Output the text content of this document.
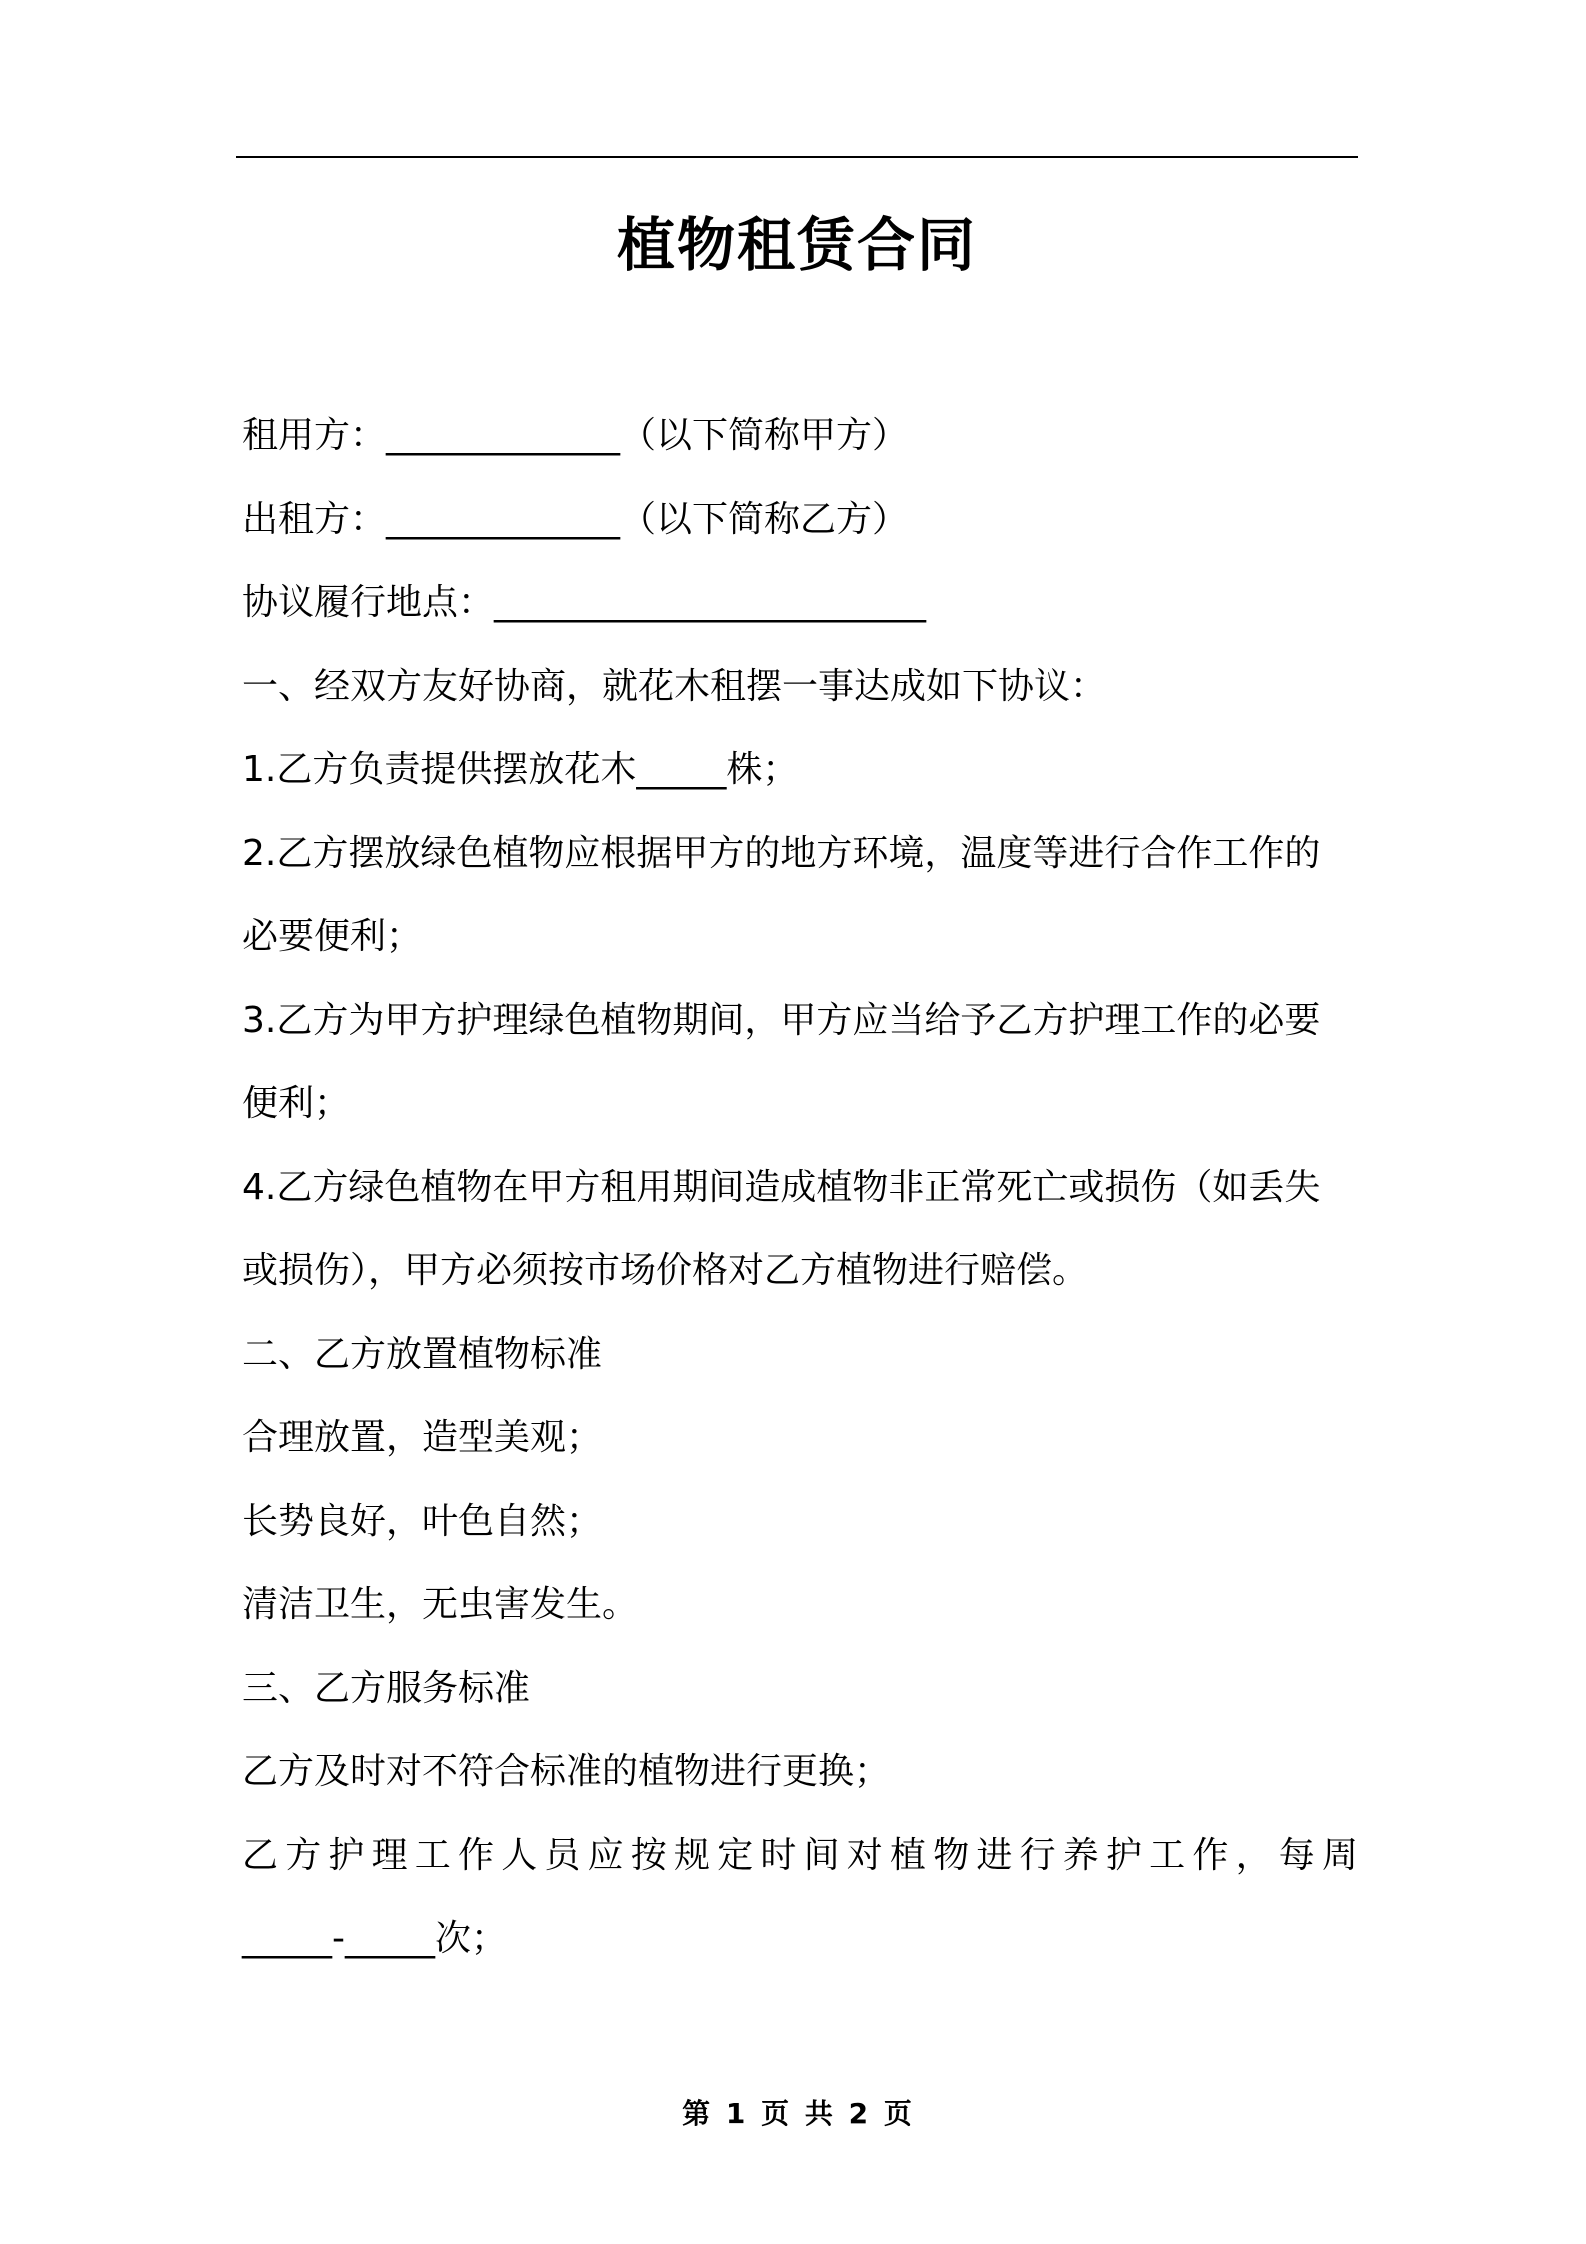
植物租赁合同
租用方：_____________（以下简称甲方）
出租方：_____________（以下简称乙方）
协议履行地点：________________________
一、经双方友好协商，就花木租摆一事达成如下协议：
1.乙方负责提供摆放花木_____株；
2.乙方摆放绿色植物应根据甲方的地方环境，温度等进行合作工作的
必要便利；
3.乙方为甲方护理绿色植物期间，甲方应当给予乙方护理工作的必要
便利；
4.乙方绿色植物在甲方租用期间造成植物非正常死亡或损伤（如丢失
或损伤），甲方必须按市场价格对乙方植物进行赔偿。
二、乙方放置植物标准
合理放置，造型美观；
长势良好，叶色自然；
清洁卫生，无虫害发生。
三、乙方服务标准
乙方及时对不符合标准的植物进行更换；
乙方护理工作人员应按规定时间对植物进行养护工作，每周
_____-_____次；
第 1 页 共 2 页
